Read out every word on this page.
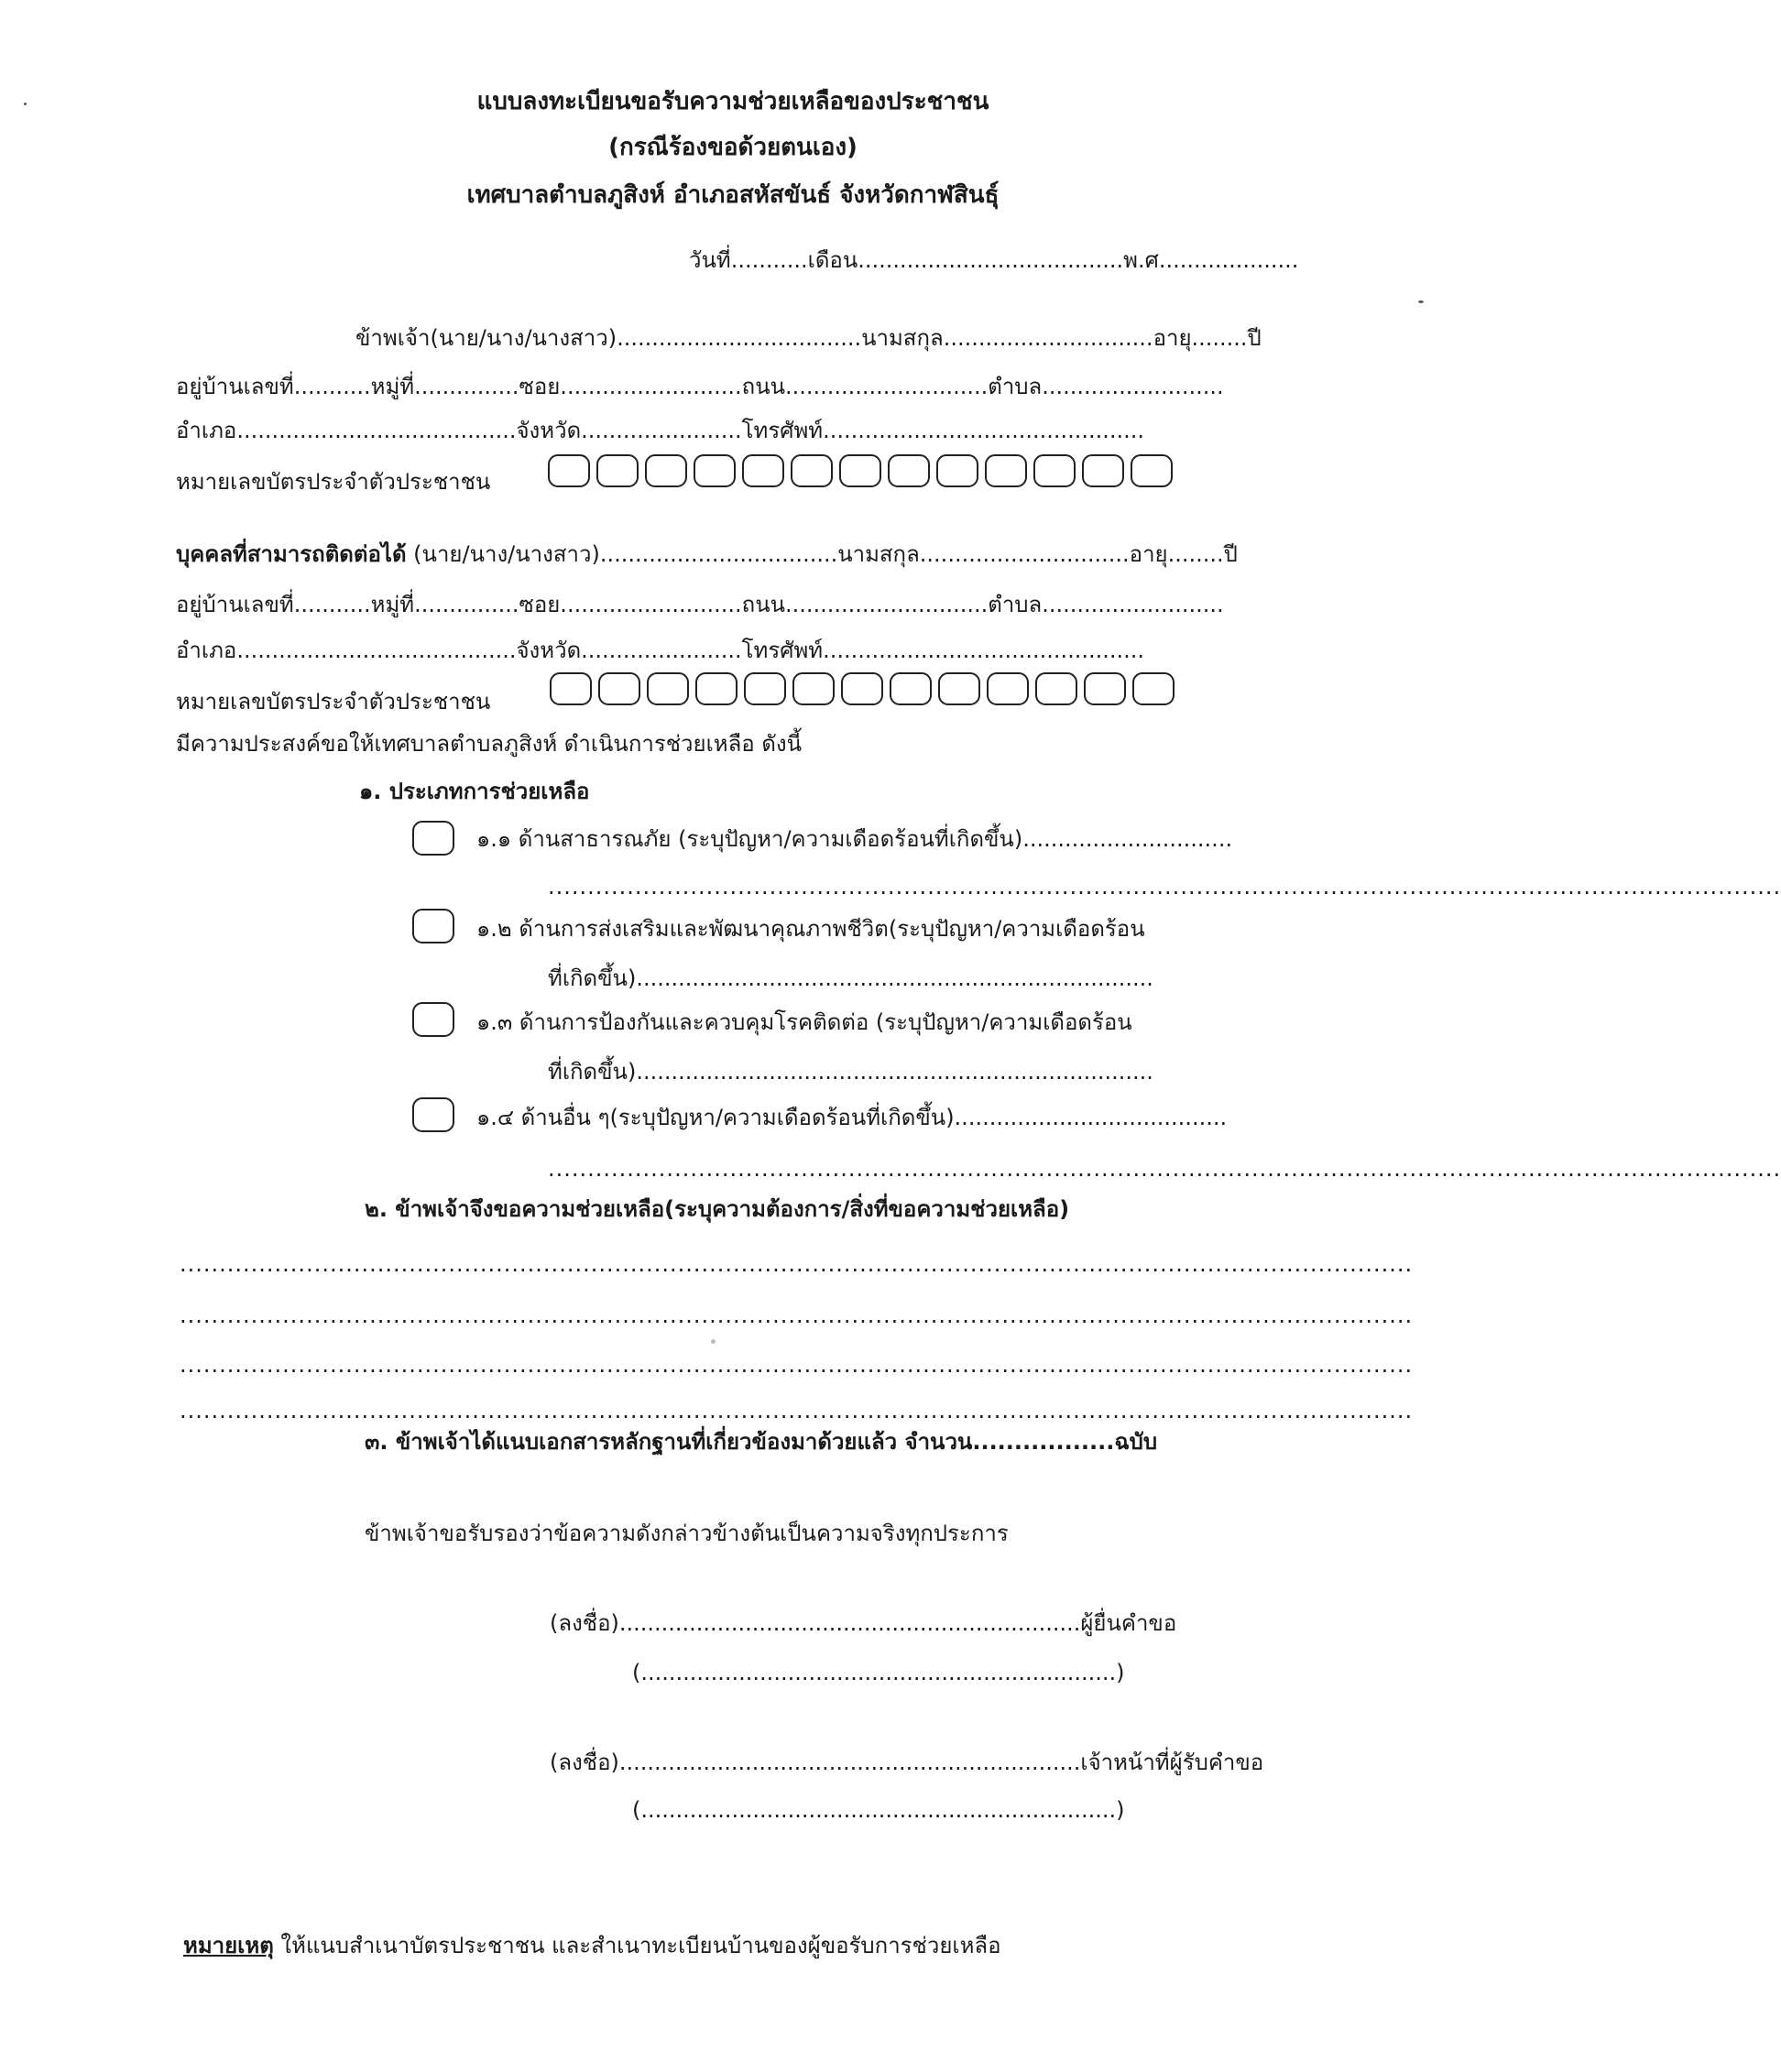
แบบลงทะเบียนขอรับความช่วยเหลือของประชาชน
(กรณีร้องขอด้วยตนเอง)
เทศบาลตำบลภูสิงห์ อำเภอสหัสขันธ์ จังหวัดกาฬสินธุ์
วันที่...........เดือน......................................พ.ศ....................
ข้าพเจ้า(นาย/นาง/นางสาว)...................................นามสกุล..............................อายุ........ปี
อยู่บ้านเลขที่...........หมู่ที่...............ซอย..........................ถนน.............................ตำบล..........................
อำเภอ........................................จังหวัด.......................โทรศัพท์..............................................
หมายเลขบัตรประจำตัวประชาชน
บุคคลที่สามารถติดต่อได้ (นาย/นาง/นางสาว)..................................นามสกุล..............................อายุ........ปี
อยู่บ้านเลขที่...........หมู่ที่...............ซอย..........................ถนน.............................ตำบล..........................
อำเภอ........................................จังหวัด.......................โทรศัพท์..............................................
หมายเลขบัตรประจำตัวประชาชน
มีความประสงค์ขอให้เทศบาลตำบลภูสิงห์ ดำเนินการช่วยเหลือ ดังนี้
๑. ประเภทการช่วยเหลือ
๑.๑ ด้านสาธารณภัย (ระบุปัญหา/ความเดือดร้อนที่เกิดขึ้น)..............................
............................................................................................................................................................
๑.๒ ด้านการส่งเสริมและพัฒนาคุณภาพชีวิต(ระบุปัญหา/ความเดือดร้อน
ที่เกิดขึ้น)..........................................................................
๑.๓ ด้านการป้องกันและควบคุมโรคติดต่อ (ระบุปัญหา/ความเดือดร้อน
ที่เกิดขึ้น)..........................................................................
๑.๔ ด้านอื่น ๆ(ระบุปัญหา/ความเดือดร้อนที่เกิดขึ้น).......................................
............................................................................................................................................................
๒. ข้าพเจ้าจึงขอความช่วยเหลือ(ระบุความต้องการ/สิ่งที่ขอความช่วยเหลือ)
............................................................................................................................................................
............................................................................................................................................................
............................................................................................................................................................
............................................................................................................................................................
๓. ข้าพเจ้าได้แนบเอกสารหลักฐานที่เกี่ยวข้องมาด้วยแล้ว จำนวน.................ฉบับ
ข้าพเจ้าขอรับรองว่าข้อความดังกล่าวข้างต้นเป็นความจริงทุกประการ
(ลงชื่อ)..................................................................ผู้ยื่นคำขอ
(....................................................................)
(ลงชื่อ)..................................................................เจ้าหน้าที่ผู้รับคำขอ
(....................................................................)
หมายเหตุ ให้แนบสำเนาบัตรประชาชน และสำเนาทะเบียนบ้านของผู้ขอรับการช่วยเหลือ
